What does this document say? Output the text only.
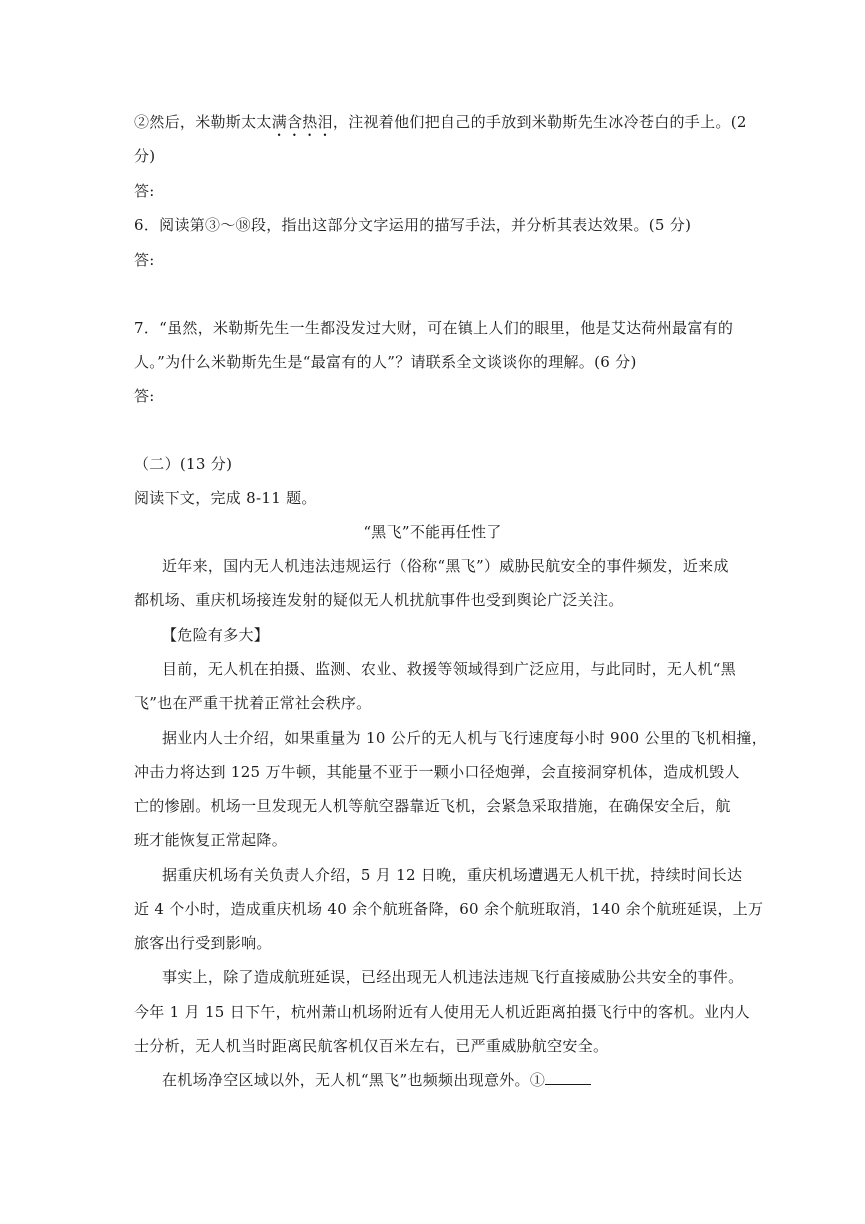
②然后，米勒斯太太满含热泪，注视着他们把自己的手放到米勒斯先生冰冷苍白的手上。(2
分)
答:
6．阅读第③～⑱段，指出这部分文字运用的描写手法，并分析其表达效果。(5 分)
答:
7．“虽然，米勒斯先生一生都没发过大财，可在镇上人们的眼里，他是艾达荷州最富有的
人。”为什么米勒斯先生是“最富有的人”？请联系全文谈谈你的理解。(6 分)
答:
（二）(13 分)
阅读下文，完成 8-11 题。
“黑飞”不能再任性了
近年来，国内无人机违法违规运行（俗称“黑飞”）威胁民航安全的事件频发，近来成
都机场、重庆机场接连发射的疑似无人机扰航事件也受到舆论广泛关注。
【危险有多大】
目前，无人机在拍摄、监测、农业、救援等领域得到广泛应用，与此同时，无人机“黑
飞”也在严重干扰着正常社会秩序。
据业内人士介绍，如果重量为 10 公斤的无人机与飞行速度每小时 900 公里的飞机相撞，
冲击力将达到 125 万牛顿，其能量不亚于一颗小口径炮弹，会直接洞穿机体，造成机毁人
亡的惨剧。机场一旦发现无人机等航空器靠近飞机，会紧急采取措施，在确保安全后，航
班才能恢复正常起降。
据重庆机场有关负责人介绍，5 月 12 日晚，重庆机场遭遇无人机干扰，持续时间长达
近 4 个小时，造成重庆机场 40 余个航班备降，60 余个航班取消，140 余个航班延误，上万
旅客出行受到影响。
事实上，除了造成航班延误，已经出现无人机违法违规飞行直接威胁公共安全的事件。
今年 1 月 15 日下午，杭州萧山机场附近有人使用无人机近距离拍摄飞行中的客机。业内人
士分析，无人机当时距离民航客机仅百米左右，已严重威胁航空安全。
在机场净空区域以外，无人机“黑飞”也频频出现意外。①
